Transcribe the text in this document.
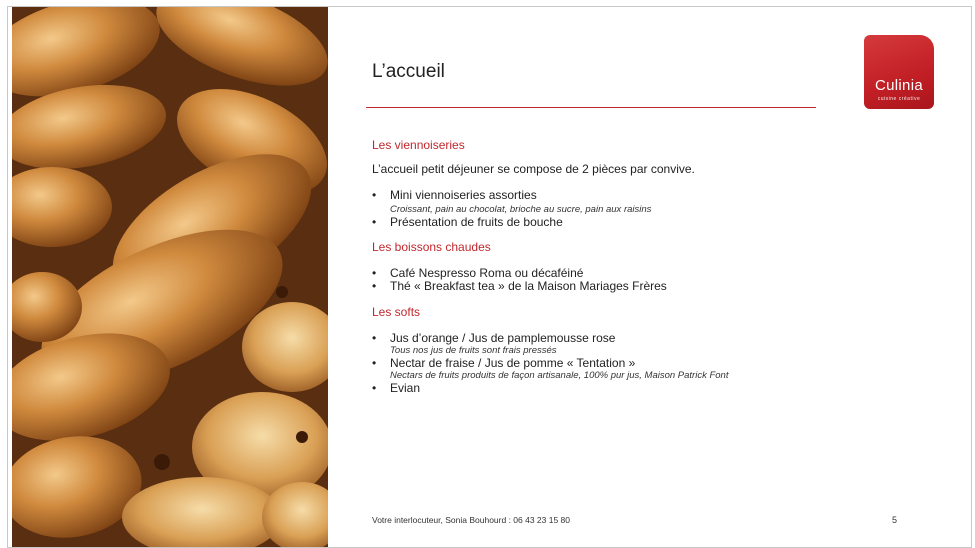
L’accueil
Culinia
cuisine créative
Les viennoiseries
L’accueil petit déjeuner se compose de 2 pièces par convive.
• Mini viennoiseries assorties
Croissant, pain au chocolat, brioche au sucre, pain aux raisins
• Présentation de fruits de bouche
Les boissons chaudes
• Café Nespresso Roma ou décaféiné
• Thé « Breakfast tea » de la Maison Mariages Frères
Les softs
• Jus d’orange / Jus de pamplemousse rose
Tous nos jus de fruits sont frais pressés
• Nectar de fraise / Jus de pomme « Tentation »
Nectars de fruits produits de façon artisanale, 100% pur jus, Maison Patrick Font
• Evian
Votre interlocuteur, Sonia Bouhourd : 06 43 23 15 80	5
